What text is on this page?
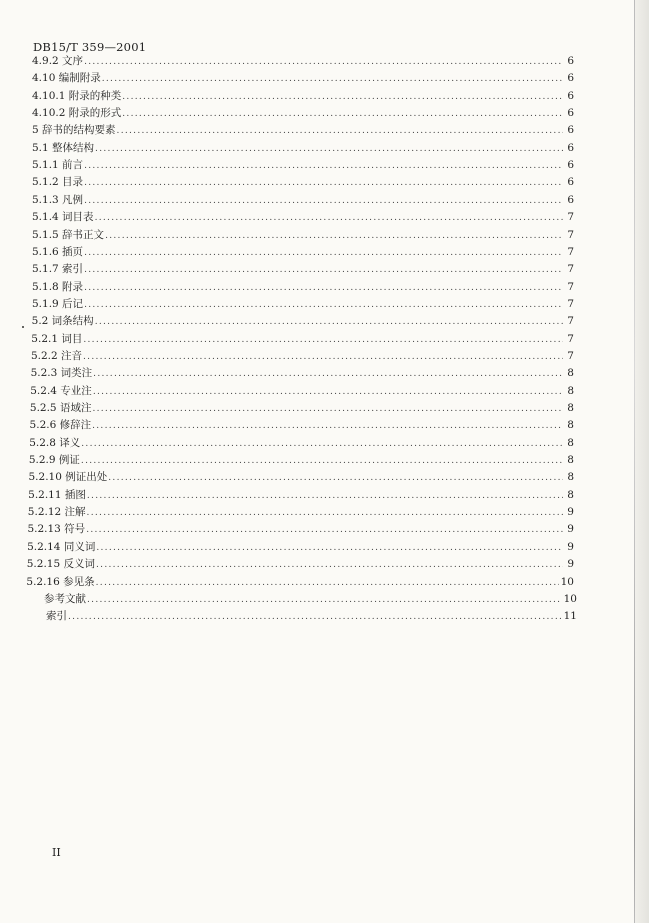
DB15/T 359—2001
4.9.2 文序 .....	6
4.10 编制附录 .....	6
4.10.1 附录的种类 .....	6
4.10.2 附录的形式 .....	6
5 辞书的结构要素 .....	6
5.1 整体结构 .....	6
5.1.1 前言 .....	6
5.1.2 目录 .....	6
5.1.3 凡例 .....	6
5.1.4 词目表 .....	7
5.1.5 辞书正文 .....	7
5.1.6 插页 .....	7
5.1.7 索引 .....	7
5.1.8 附录 .....	7
5.1.9 后记 .....	7
5.2 词条结构 .....	7
5.2.1 词目 .....	7
5.2.2 注音 .....	7
5.2.3 词类注 .....	8
5.2.4 专业注 .....	8
5.2.5 语域注 .....	8
5.2.6 修辞注 .....	8
5.2.8 译义 .....	8
5.2.9 例证 .....	8
5.2.10 例证出处 .....	8
5.2.11 插图 .....	8
5.2.12 注解 .....	9
5.2.13 符号 .....	9
5.2.14 同义词 .....	9
5.2.15 反义词 .....	9
5.2.16 参见条 .....	10
参考文献 .....	10
索引 .....	11
II
